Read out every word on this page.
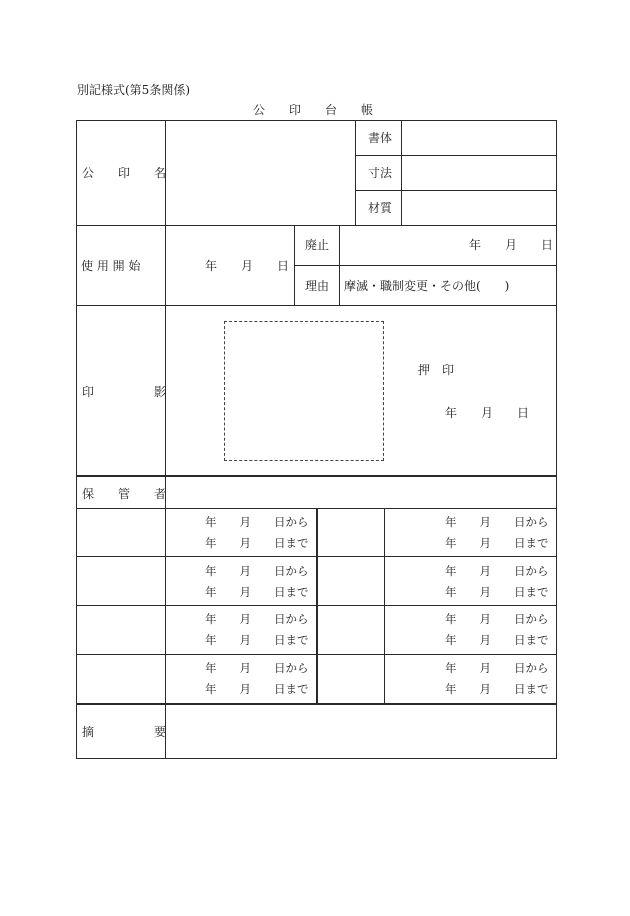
別記様式(第5条関係)
公　　印　　台　　帳
公　　印　　名
書体
寸法
材質
使 用 開 始	年　　月　　日
廃止	年　　月　　日
理由 摩滅・職制変更・その他(　　)
印　　　　　影
押　印
年　　月　　日
保　　管　　者
年　　月　　日から
年　　月　　日まで
年　　月　　日から
年　　月　　日まで
年　　月　　日から
年　　月　　日まで
年　　月　　日から
年　　月　　日まで
年　　月　　日から
年　　月　　日まで
年　　月　　日から
年　　月　　日まで
年　　月　　日から
年　　月　　日まで
年　　月　　日から
年　　月　　日まで
摘　　　　　要
